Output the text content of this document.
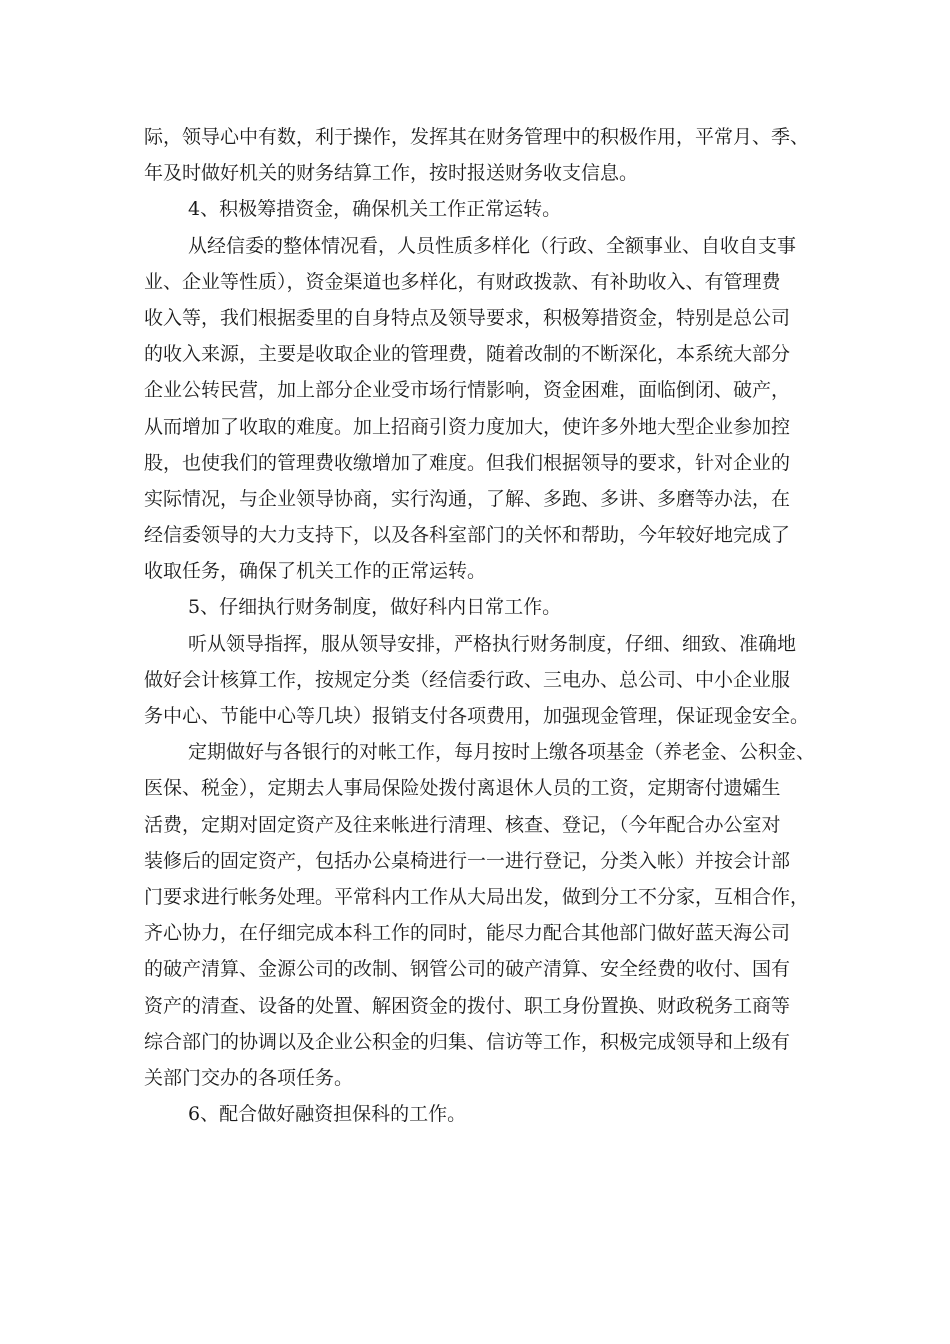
际，领导心中有数，利于操作，发挥其在财务管理中的积极作用，平常月、季、
年及时做好机关的财务结算工作，按时报送财务收支信息。
4、积极筹措资金，确保机关工作正常运转。
从经信委的整体情况看，人员性质多样化（行政、全额事业、自收自支事
业、企业等性质），资金渠道也多样化，有财政拨款、有补助收入、有管理费
收入等，我们根据委里的自身特点及领导要求，积极筹措资金，特别是总公司
的收入来源，主要是收取企业的管理费，随着改制的不断深化，本系统大部分
企业公转民营，加上部分企业受市场行情影响，资金困难，面临倒闭、破产，
从而增加了收取的难度。加上招商引资力度加大，使许多外地大型企业参加控
股，也使我们的管理费收缴增加了难度。但我们根据领导的要求，针对企业的
实际情况，与企业领导协商，实行沟通，了解、多跑、多讲、多磨等办法，在
经信委领导的大力支持下，以及各科室部门的关怀和帮助，今年较好地完成了
收取任务，确保了机关工作的正常运转。
5、仔细执行财务制度，做好科内日常工作。
听从领导指挥，服从领导安排，严格执行财务制度，仔细、细致、准确地
做好会计核算工作，按规定分类（经信委行政、三电办、总公司、中小企业服
务中心、节能中心等几块）报销支付各项费用，加强现金管理，保证现金安全。
定期做好与各银行的对帐工作，每月按时上缴各项基金（养老金、公积金、
医保、税金），定期去人事局保险处拨付离退休人员的工资，定期寄付遗孀生
活费，定期对固定资产及往来帐进行清理、核查、登记，（今年配合办公室对
装修后的固定资产，包括办公桌椅进行一一进行登记，分类入帐）并按会计部
门要求进行帐务处理。平常科内工作从大局出发，做到分工不分家，互相合作，
齐心协力，在仔细完成本科工作的同时，能尽力配合其他部门做好蓝天海公司
的破产清算、金源公司的改制、钢管公司的破产清算、安全经费的收付、国有
资产的清查、设备的处置、解困资金的拨付、职工身份置换、财政税务工商等
综合部门的协调以及企业公积金的归集、信访等工作，积极完成领导和上级有
关部门交办的各项任务。
6、配合做好融资担保科的工作。
